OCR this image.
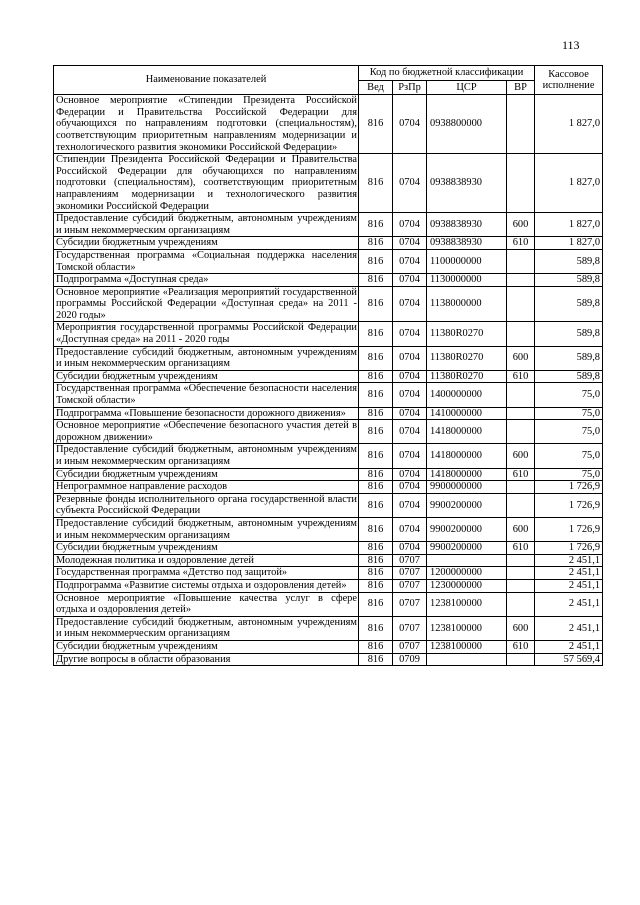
113
Наименование показателей	Код по бюджетной классификации				Кассовое исполнение
	Вед	РзПр	ЦСР	ВР	
Основное мероприятие «Стипендии Президента Российской Федерации и Правительства Российской Федерации для обучающихся по направлениям подготовки (специальностям), соответствующим приоритетным направлениям модернизации и технологического развития экономики Российской Федерации»	816	0704	0938800000		1 827,0
Стипендии Президента Российской Федерации и Правительства Российской Федерации для обучающихся по направлениям подготовки (специальностям), соответствующим приоритетным направлениям модернизации и технологического развития экономики Российской Федерации	816	0704	0938838930		1 827,0
Предоставление субсидий бюджетным, автономным учреждениям и иным некоммерческим организациям	816	0704	0938838930	600	1 827,0
Субсидии бюджетным учреждениям	816	0704	0938838930	610	1 827,0
Государственная программа «Социальная поддержка населения Томской области»	816	0704	1100000000		589,8
Подпрограмма «Доступная среда»	816	0704	1130000000		589,8
Основное мероприятие «Реализация мероприятий государственной программы Российской Федерации «Доступная среда» на 2011 - 2020 годы»	816	0704	1138000000		589,8
Мероприятия государственной программы Российской Федерации «Доступная среда» на 2011 - 2020 годы	816	0704	11380R0270		589,8
Предоставление субсидий бюджетным, автономным учреждениям и иным некоммерческим организациям	816	0704	11380R0270	600	589,8
Субсидии бюджетным учреждениям	816	0704	11380R0270	610	589,8
Государственная программа «Обеспечение безопасности населения Томской области»	816	0704	1400000000		75,0
Подпрограмма «Повышение безопасности дорожного движения»	816	0704	1410000000		75,0
Основное мероприятие «Обеспечение безопасного участия детей в дорожном движении»	816	0704	1418000000		75,0
Предоставление субсидий бюджетным, автономным учреждениям и иным некоммерческим организациям	816	0704	1418000000	600	75,0
Субсидии бюджетным учреждениям	816	0704	1418000000	610	75,0
Непрограммное направление расходов	816	0704	9900000000		1 726,9
Резервные фонды исполнительного органа государственной власти субъекта Российской Федерации	816	0704	9900200000		1 726,9
Предоставление субсидий бюджетным, автономным учреждениям и иным некоммерческим организациям	816	0704	9900200000	600	1 726,9
Субсидии бюджетным учреждениям	816	0704	9900200000	610	1 726,9
Молодежная политика и оздоровление детей	816	0707			2 451,1
Государственная программа «Детство под защитой»	816	0707	1200000000		2 451,1
Подпрограмма «Развитие системы отдыха и оздоровления детей»	816	0707	1230000000		2 451,1
Основное мероприятие «Повышение качества услуг в сфере отдыха и оздоровления детей»	816	0707	1238100000		2 451,1
Предоставление субсидий бюджетным, автономным учреждениям и иным некоммерческим организациям	816	0707	1238100000	600	2 451,1
Субсидии бюджетным учреждениям	816	0707	1238100000	610	2 451,1
Другие вопросы в области образования	816	0709			57 569,4
